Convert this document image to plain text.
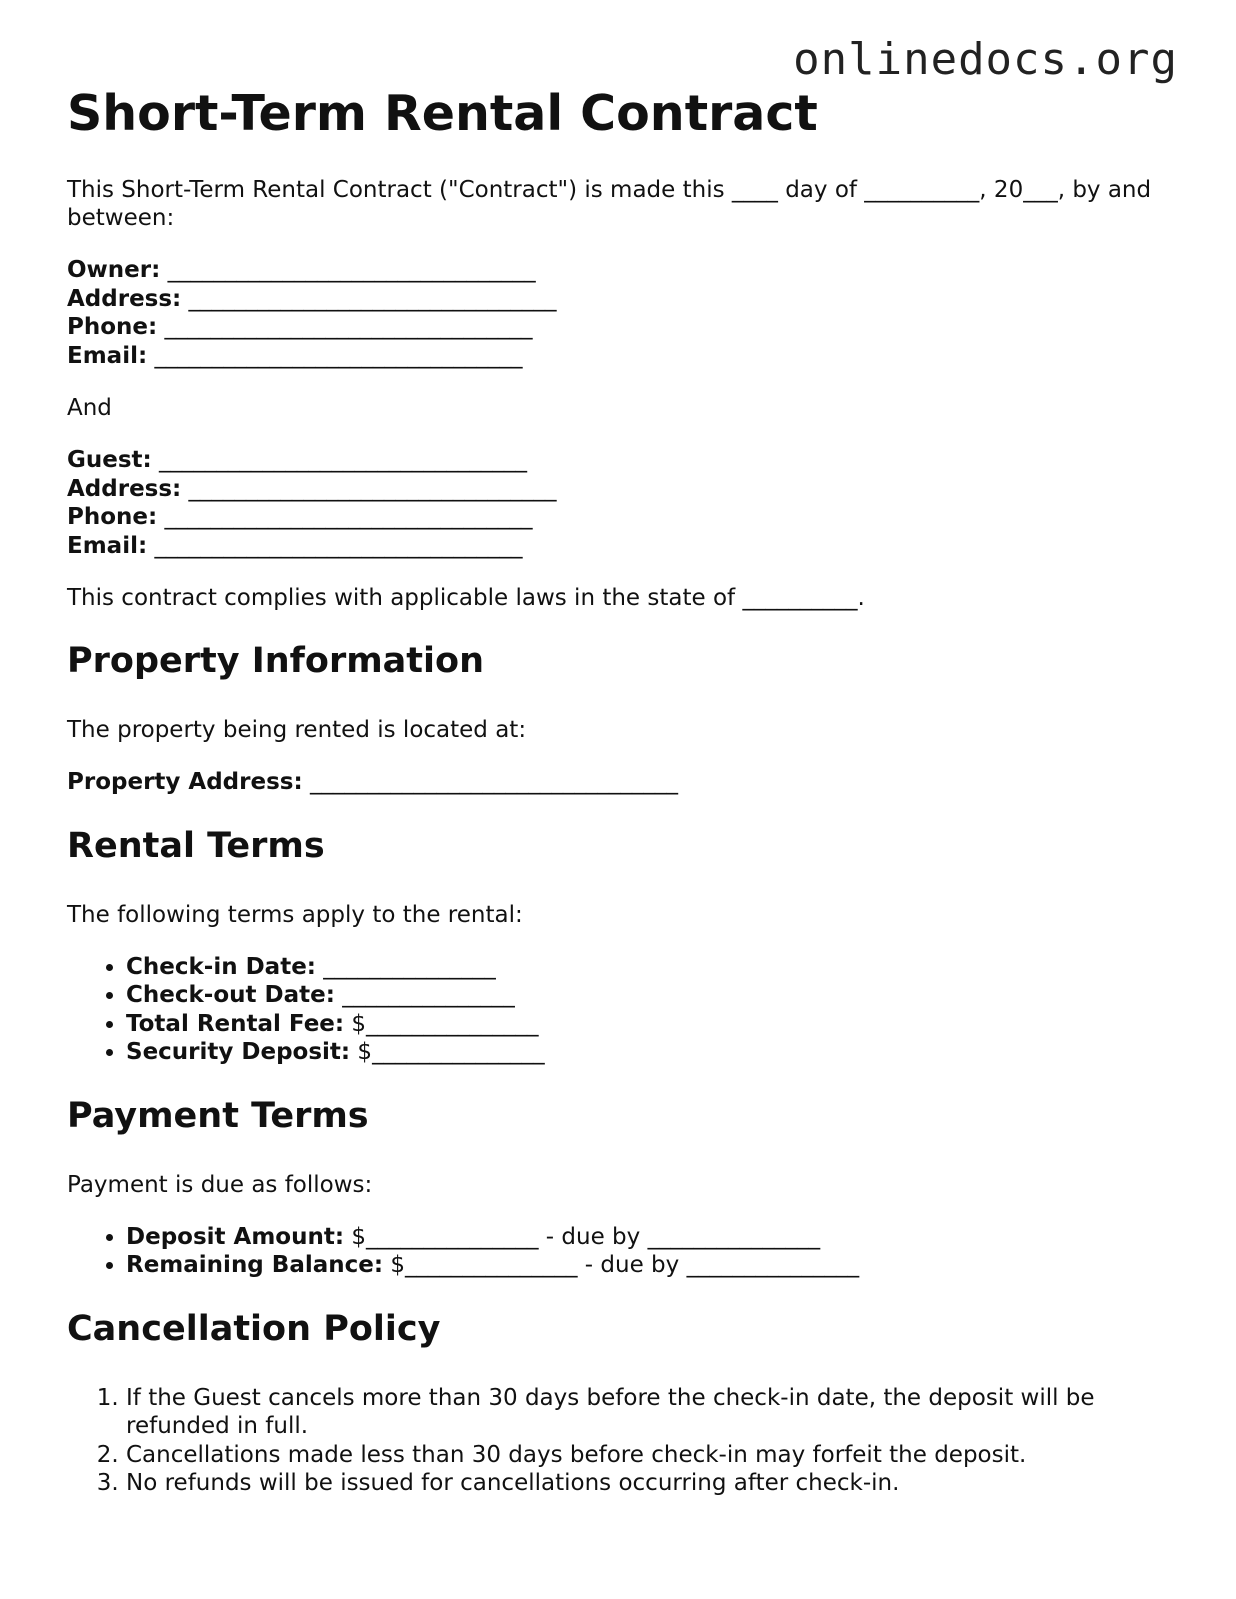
onlinedocs.org
Short-Term Rental Contract

This Short-Term Rental Contract ("Contract") is made this ____ day of __________, 20___, by and between:

Owner: ________________________________
Address: ________________________________
Phone: ________________________________
Email: ________________________________

And

Guest: ________________________________
Address: ________________________________
Phone: ________________________________
Email: ________________________________

This contract complies with applicable laws in the state of __________.

Property Information

The property being rented is located at:

Property Address: ________________________________
Rental Terms

The following terms apply to the rental:

• Check-in Date: _______________
• Check-out Date: _______________
• Total Rental Fee: $_______________
• Security Deposit: $_______________
Payment Terms

Payment is due as follows:

• Deposit Amount: $_______________ - due by _______________
• Remaining Balance: $_______________ - due by _______________
Cancellation Policy
1. If the Guest cancels more than 30 days before the check-in date, the deposit will be refunded in full.
2. Cancellations made less than 30 days before check-in may forfeit the deposit.
3. No refunds will be issued for cancellations occurring after check-in.
